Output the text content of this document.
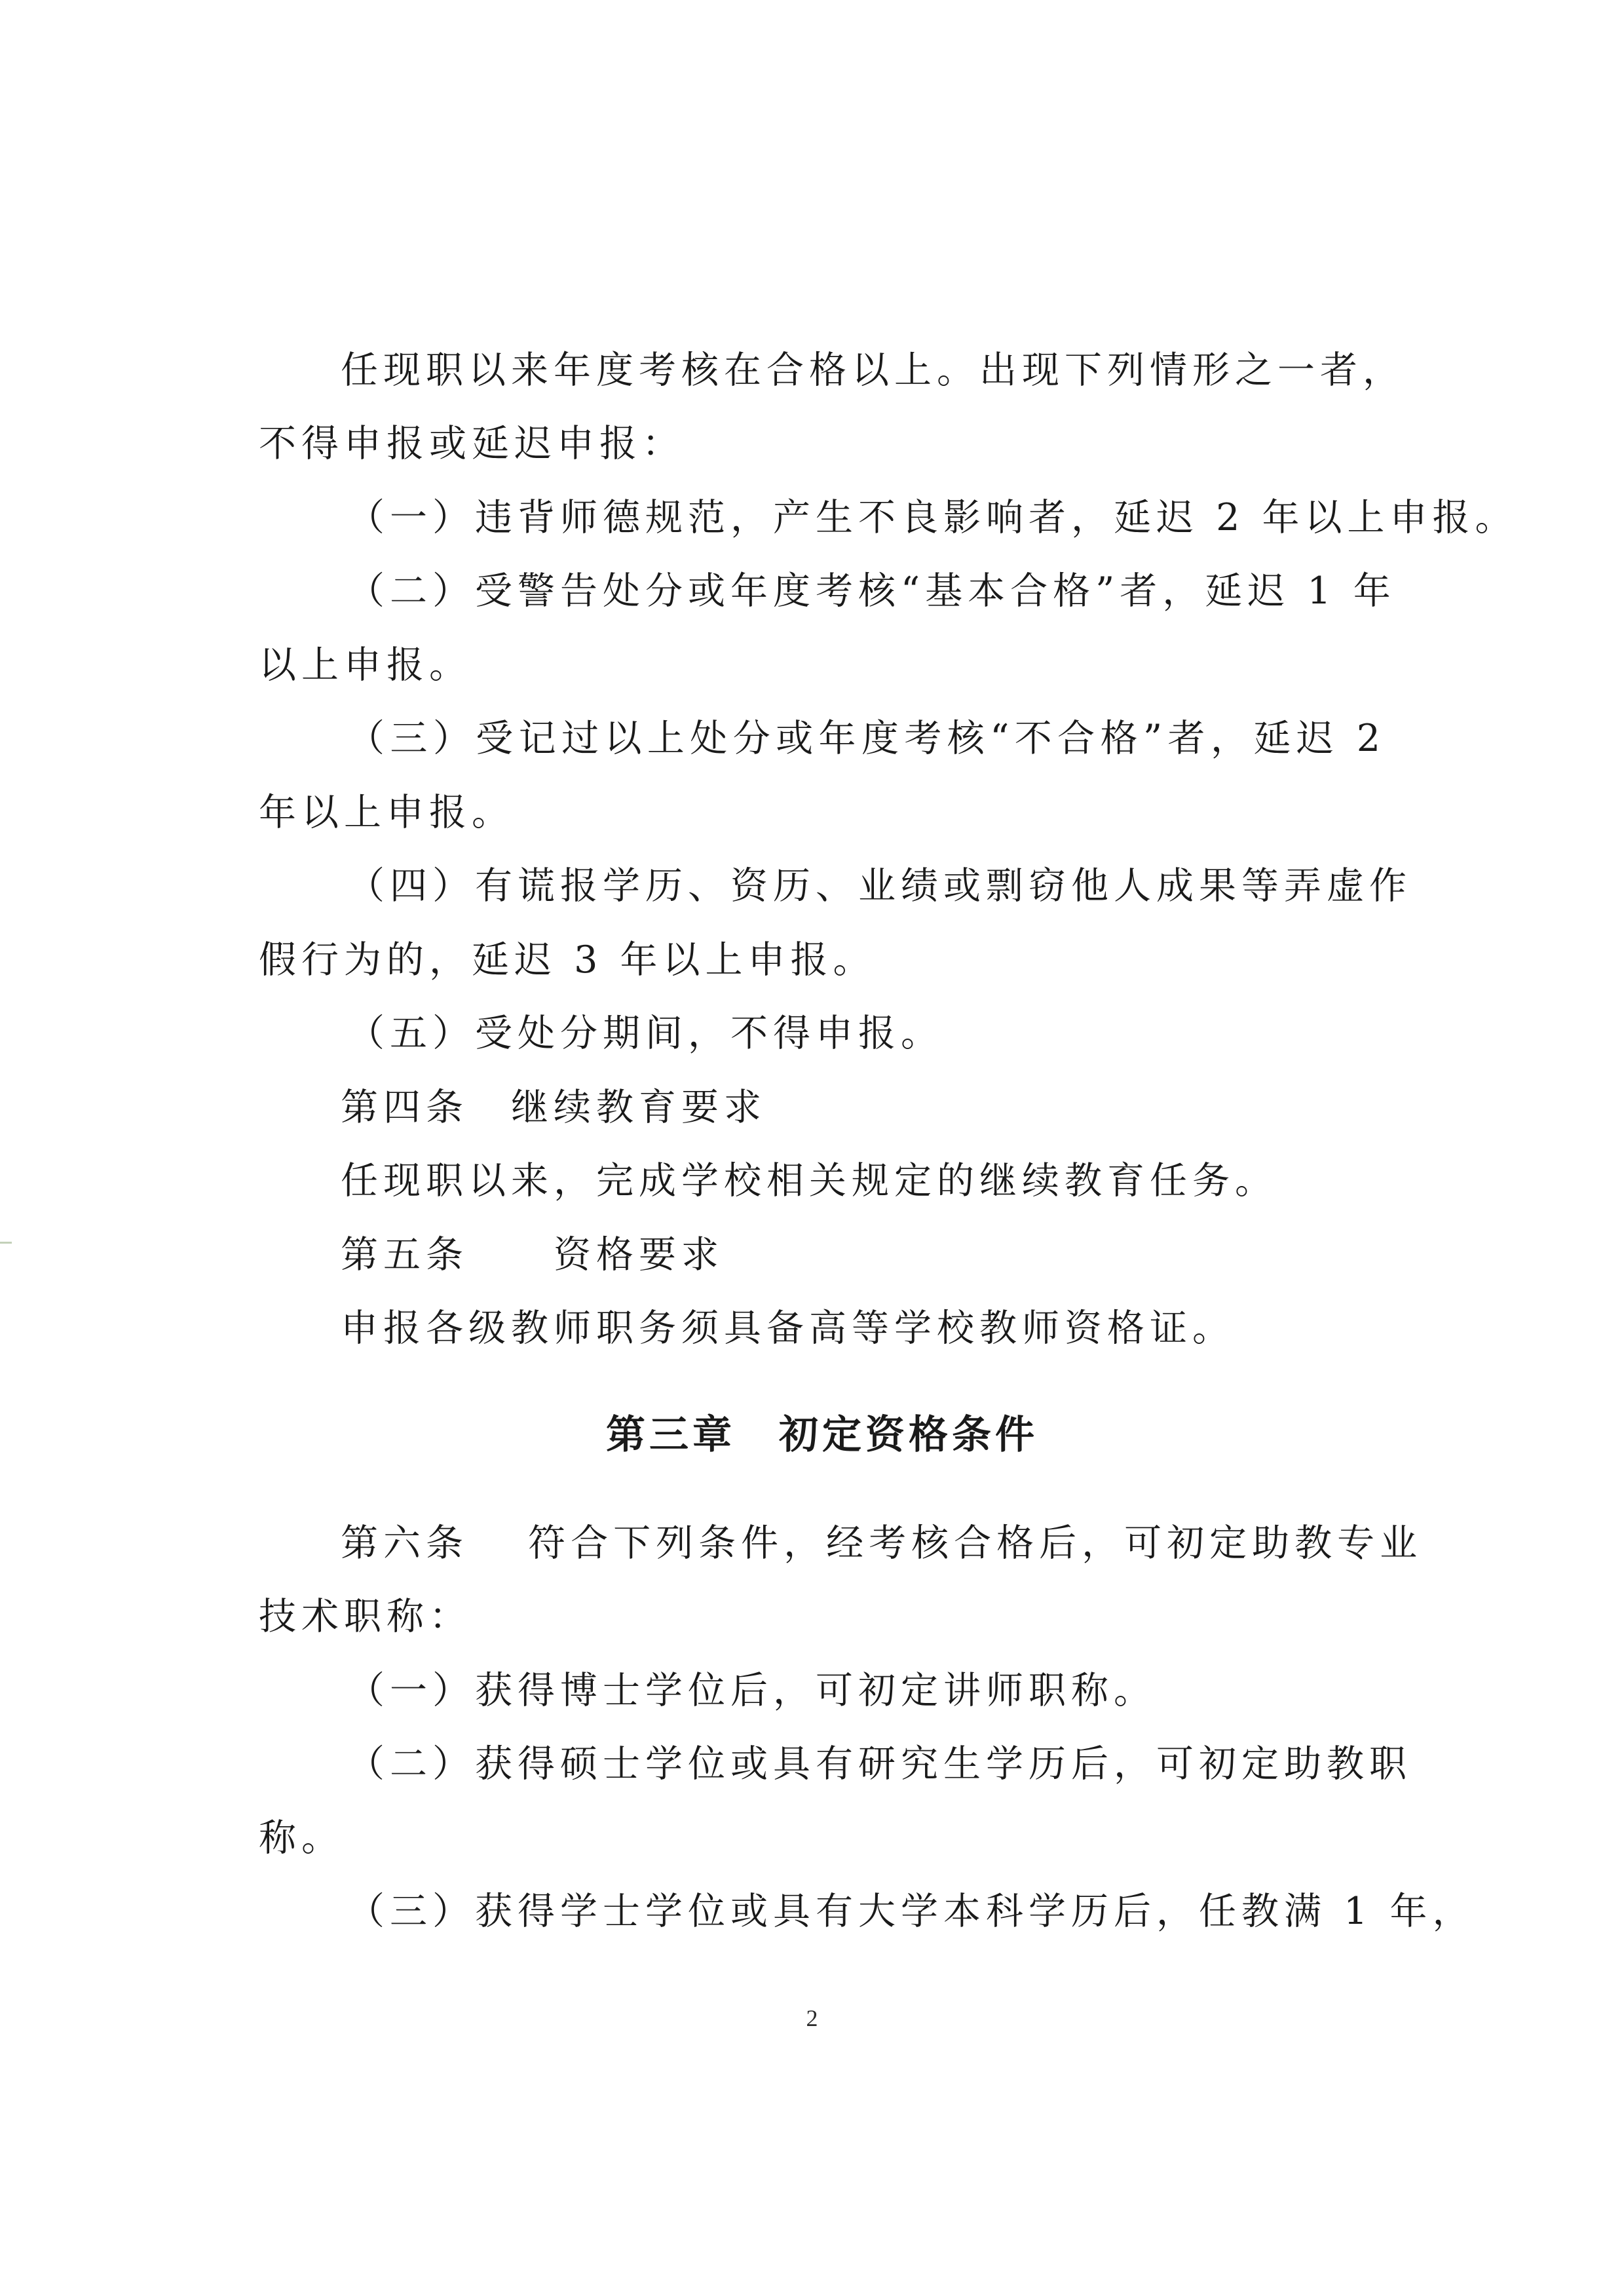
任现职以来年度考核在合格以上。出现下列情形之一者，
不得申报或延迟申报：
（一）违背师德规范，产生不良影响者，延迟 2 年以上申报。
（二）受警告处分或年度考核“基本合格”者，延迟 1 年
以上申报。
（三）受记过以上处分或年度考核“不合格”者，延迟 2
年以上申报。
（四）有谎报学历、资历、业绩或剽窃他人成果等弄虚作
假行为的，延迟 3 年以上申报。
（五）受处分期间，不得申报。
第四条　继续教育要求
任现职以来，完成学校相关规定的继续教育任务。
第五条　　资格要求
申报各级教师职务须具备高等学校教师资格证。
第三章　初定资格条件
第六条　 符合下列条件，经考核合格后，可初定助教专业
技术职称：
（一）获得博士学位后，可初定讲师职称。
（二）获得硕士学位或具有研究生学历后，可初定助教职
称。
（三）获得学士学位或具有大学本科学历后，任教满 1 年，
2
